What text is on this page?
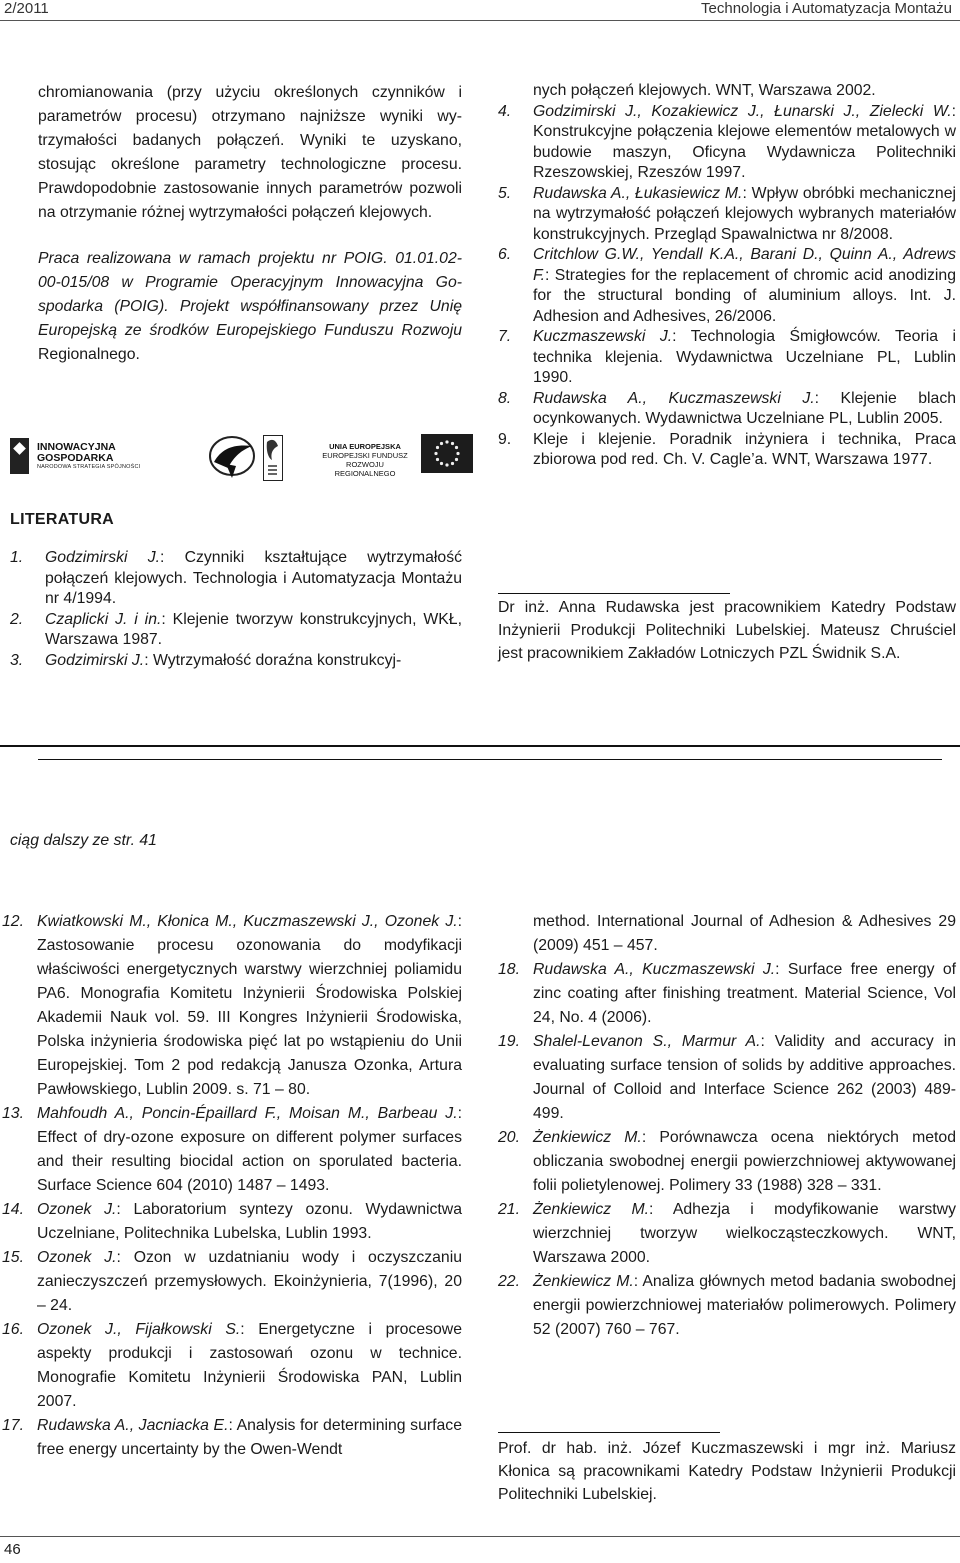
2/2011	Technologia i Automatyzacja Montażu

chromianowania (przy użyciu określonych czynników i parametrów procesu) otrzymano najniższe wyniki wytrzymałości badanych połączeń. Wyniki te uzyskano, stosując określone parametry technologiczne procesu. Prawdopodobnie zastosowanie innych parametrów pozwoli na otrzymanie różnej wytrzymałości połączeń klejowych.

Praca realizowana w ramach projektu nr POIG. 01.01.02-00-015/08 w Programie Operacyjnym Innowacyjna Gospodarka (POIG). Projekt współfinansowany przez Unię Europejską ze środków Europejskiego Funduszu Rozwoju Regionalnego.

INNOWACYJNA
GOSPODARKA
NARODOWA STRATEGIA SPÓJNOŚCI
UNIA EUROPEJSKA
EUROPEJSKI FUNDUSZ
ROZWOJU REGIONALNEGO
LITERATURA
1. Godzimirski J.: Czynniki kształtujące wytrzymałość połączeń klejowych. Technologia i Automatyzacja Montażu nr 4/1994.
2. Czaplicki J. i in.: Klejenie tworzyw konstrukcyjnych, WKŁ, Warszawa 1987.
3. Godzimirski J.: Wytrzymałość doraźna konstrukcyj-

nych połączeń klejowych. WNT, Warszawa 2002.

4. Godzimirski J., Kozakiewicz J., Łunarski J., Zielecki W.: Konstrukcyjne połączenia klejowe elementów metalowych w budowie maszyn, Oficyna Wydawnicza Politechniki Rzeszowskiej, Rzeszów 1997.
5. Rudawska A., Łukasiewicz M.: Wpływ obróbki mechanicznej na wytrzymałość połączeń klejowych wybranych materiałów konstrukcyjnych. Przegląd Spawalnictwa nr 8/2008.
6. Critchlow G.W., Yendall K.A., Barani D., Quinn A., Adrews F.: Strategies for the replacement of chromic acid anodizing for the structural bonding of aluminium alloys. Int. J. Adhesion and Adhesives, 26/2006.
7. Kuczmaszewski J.: Technologia Śmigłowców. Teoria i technika klejenia. Wydawnictwa Uczelniane PL, Lublin 1990.
8. Rudawska A., Kuczmaszewski J.: Klejenie blach ocynkowanych. Wydawnictwa Uczelniane PL, Lublin 2005.
9. Kleje i klejenie. Poradnik inżyniera i technika, Praca zbiorowa pod red. Ch. V. Cagle’a. WNT, Warszawa 1977.
Dr inż. Anna Rudawska jest pracownikiem Katedry Podstaw Inżynierii Produkcji Politechniki Lubelskiej. Mateusz Chruściel jest pracownikiem Zakładów Lotniczych PZL Świdnik S.A.
ciąg dalszy ze str. 41
12. Kwiatkowski M., Kłonica M., Kuczmaszewski J., Ozonek J.: Zastosowanie procesu ozonowania do modyfikacji właściwości energetycznych warstwy wierzchniej poliamidu PA6. Monografia Komitetu Inżynierii Środowiska Polskiej Akademii Nauk vol. 59. III Kongres Inżynierii Środowiska, Polska inżynieria środowiska pięć lat po wstąpieniu do Unii Europejskiej. Tom 2 pod redakcją Janusza Ozonka, Artura Pawłowskiego, Lublin 2009. s. 71 – 80.
13. Mahfoudh A., Poncin-Épaillard F., Moisan M., Barbeau J.: Effect of dry-ozone exposure on different polymer surfaces and their resulting biocidal action on sporulated bacteria. Surface Science 604 (2010) 1487 – 1493.
14. Ozonek J.: Laboratorium syntezy ozonu. Wydawnictwa Uczelniane, Politechnika Lubelska, Lublin 1993.
15. Ozonek J.: Ozon w uzdatnianiu wody i oczyszczaniu zanieczyszczeń przemysłowych. Ekoinżynieria, 7(1996), 20 – 24.
16. Ozonek J., Fijałkowski S.: Energetyczne i procesowe aspekty produkcji i zastosowań ozonu w technice. Monografie Komitetu Inżynierii Środowiska PAN, Lublin 2007.
17. Rudawska A., Jacniacka E.: Analysis for determining surface free energy uncertainty by the Owen-Wendt

method. International Journal of Adhesion & Adhesives 29 (2009) 451 – 457.

18. Rudawska A., Kuczmaszewski J.: Surface free energy of zinc coating after finishing treatment. Material Science, Vol 24, No. 4 (2006).
19. Shalel-Levanon S., Marmur A.: Validity and accuracy in evaluating surface tension of solids by additive approaches. Journal of Colloid and Interface Science 262 (2003) 489-499.
20. Żenkiewicz M.: Porównawcza ocena niektórych metod obliczania swobodnej energii powierzchniowej aktywowanej folii polietylenowej. Polimery 33 (1988) 328 – 331.
21. Żenkiewicz M.: Adhezja i modyfikowanie warstwy wierzchniej tworzyw wielkocząsteczkowych. WNT, Warszawa 2000.
22. Żenkiewicz M.: Analiza głównych metod badania swobodnej energii powierzchniowej materiałów polimerowych. Polimery 52 (2007) 760 – 767.
Prof. dr hab. inż. Józef Kuczmaszewski i mgr inż. Mariusz Kłonica są pracownikami Katedry Podstaw Inżynierii Produkcji Politechniki Lubelskiej.
46
